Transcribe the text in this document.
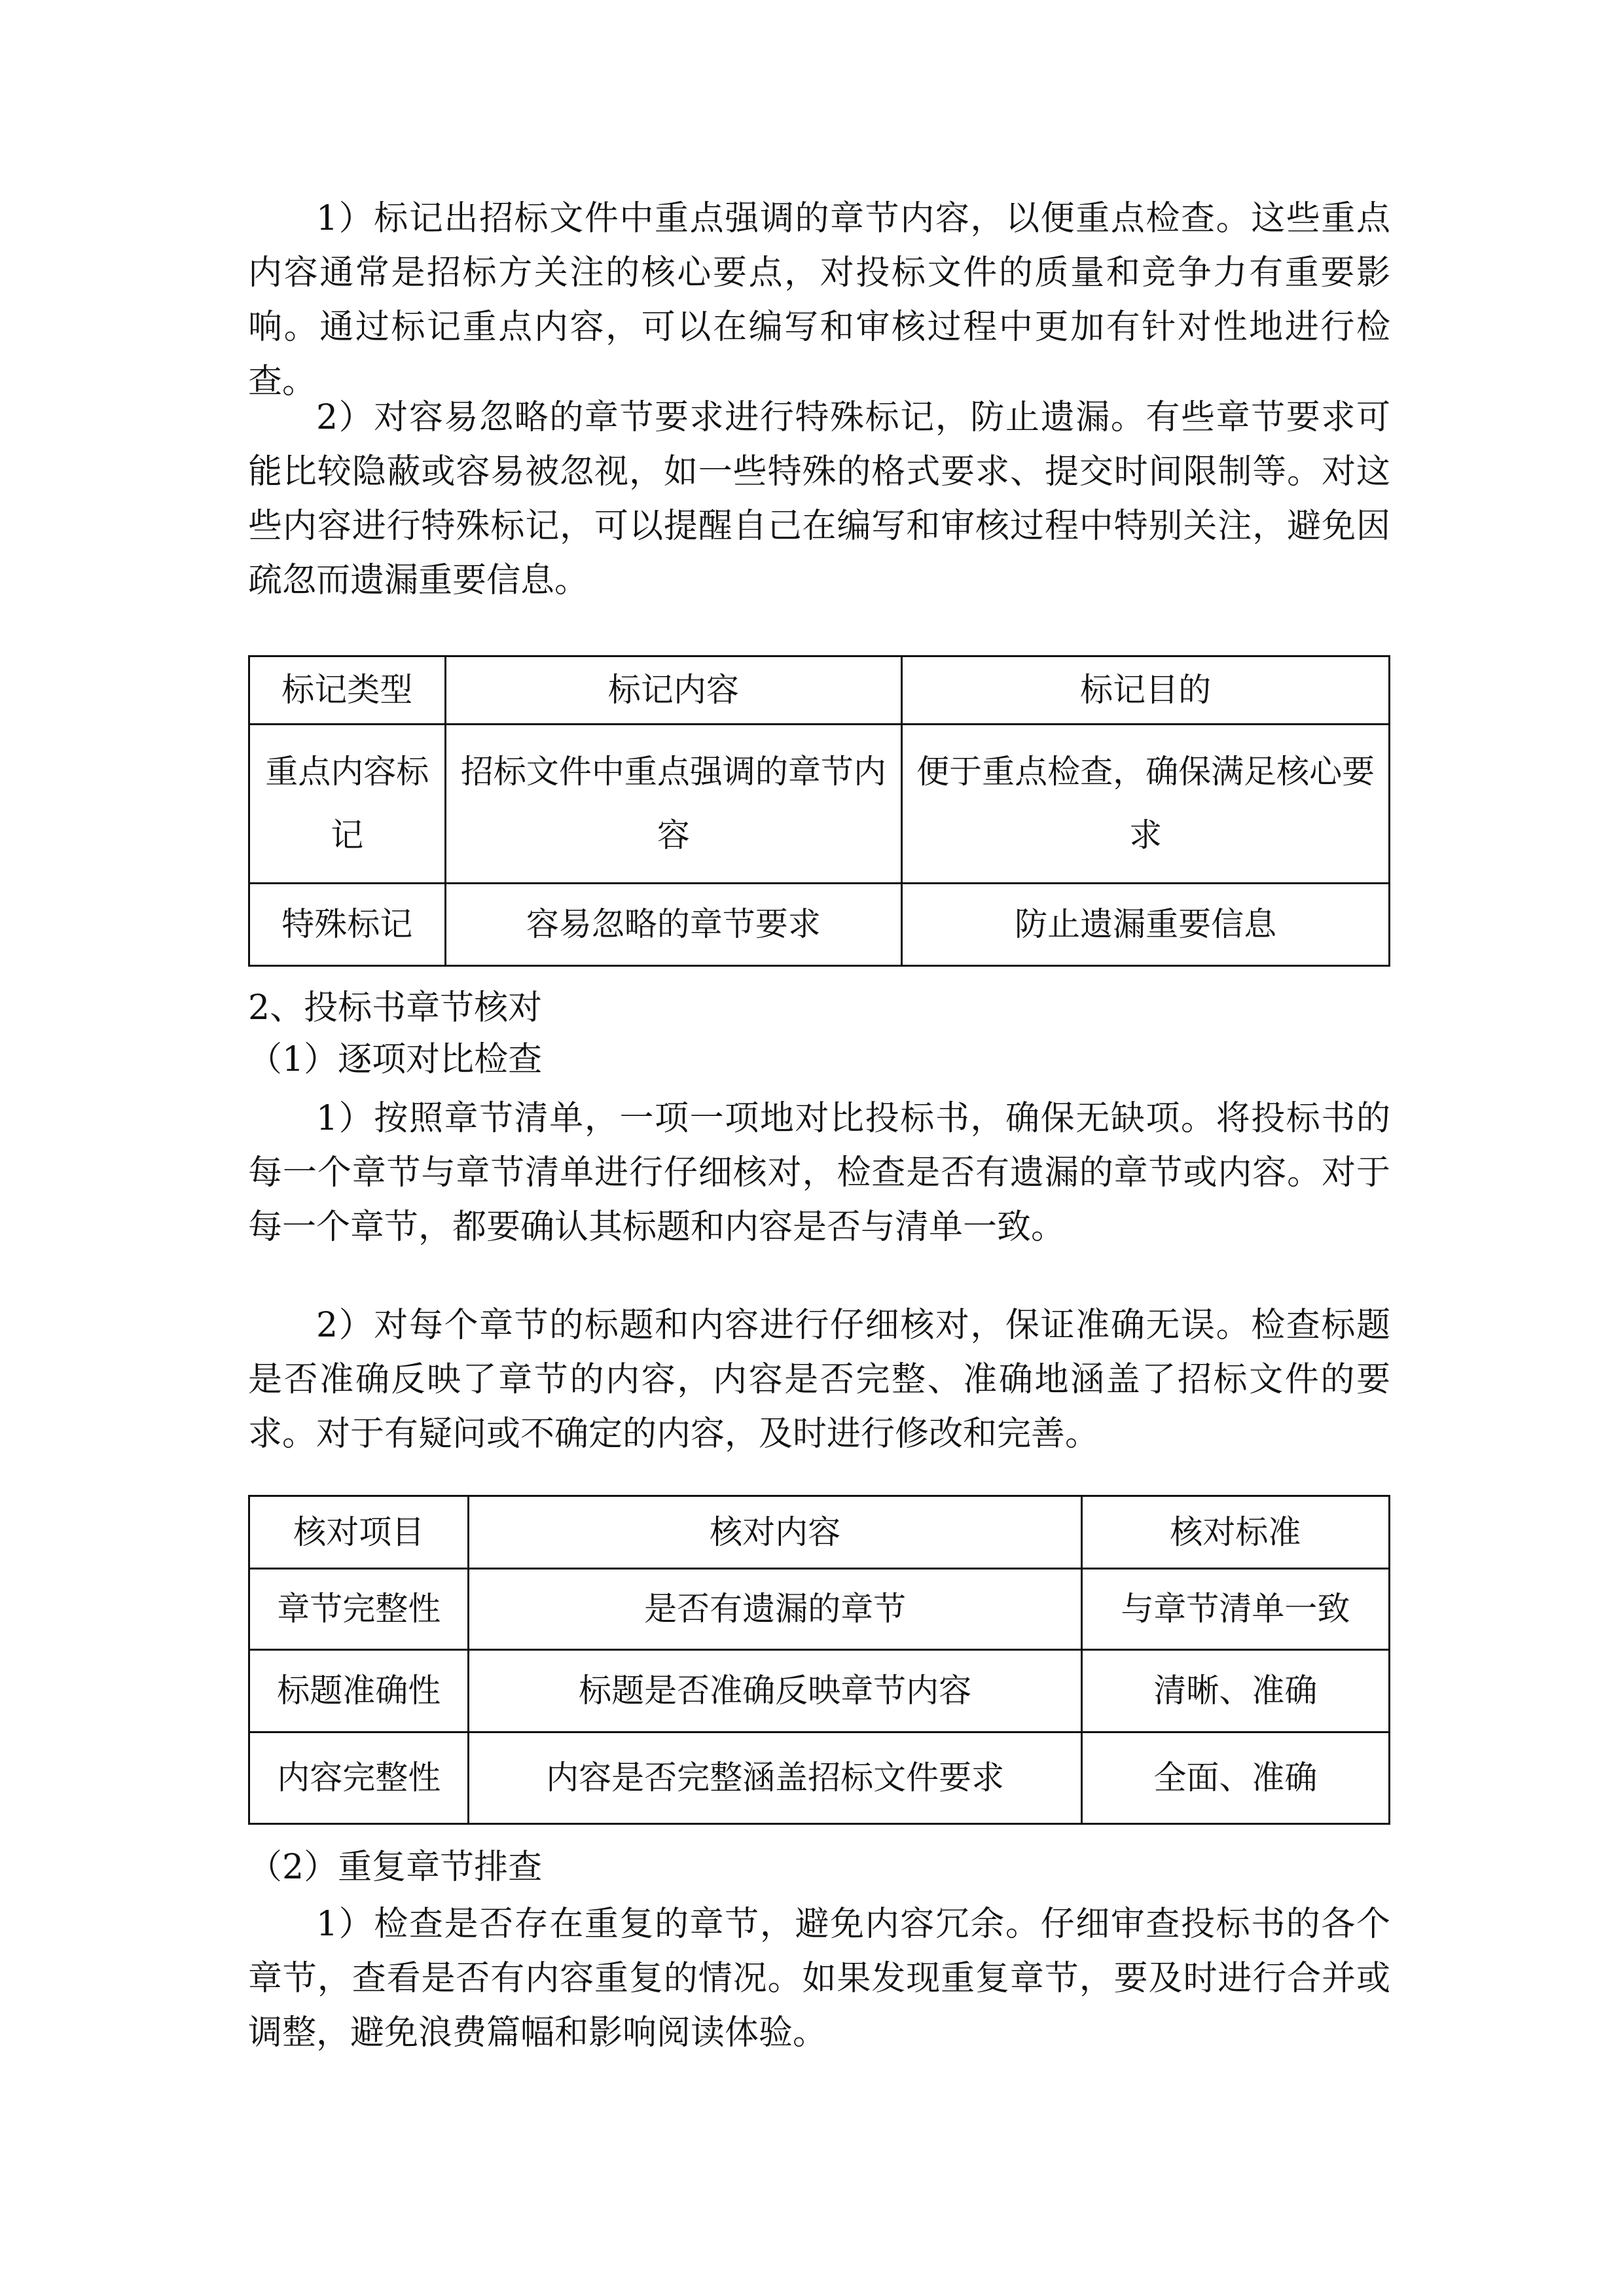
1）标记出招标文件中重点强调的章节内容，以便重点检查。这些重点内容通常是招标方关注的核心要点，对投标文件的质量和竞争力有重要影响。通过标记重点内容，可以在编写和审核过程中更加有针对性地进行检查。
2）对容易忽略的章节要求进行特殊标记，防止遗漏。有些章节要求可能比较隐蔽或容易被忽视，如一些特殊的格式要求、提交时间限制等。对这些内容进行特殊标记，可以提醒自己在编写和审核过程中特别关注，避免因疏忽而遗漏重要信息。
标记类型	标记内容	标记目的
重点内容标记	招标文件中重点强调的章节内容	便于重点检查，确保满足核心要求
特殊标记	容易忽略的章节要求	防止遗漏重要信息
2、投标书章节核对
（1）逐项对比检查
1）按照章节清单，一项一项地对比投标书，确保无缺项。将投标书的每一个章节与章节清单进行仔细核对，检查是否有遗漏的章节或内容。对于每一个章节，都要确认其标题和内容是否与清单一致。
2）对每个章节的标题和内容进行仔细核对，保证准确无误。检查标题是否准确反映了章节的内容，内容是否完整、准确地涵盖了招标文件的要求。对于有疑问或不确定的内容，及时进行修改和完善。
核对项目	核对内容	核对标准
章节完整性	是否有遗漏的章节	与章节清单一致
标题准确性	标题是否准确反映章节内容	清晰、准确
内容完整性	内容是否完整涵盖招标文件要求	全面、准确
（2）重复章节排查
1）检查是否存在重复的章节，避免内容冗余。仔细审查投标书的各个章节，查看是否有内容重复的情况。如果发现重复章节，要及时进行合并或调整，避免浪费篇幅和影响阅读体验。
